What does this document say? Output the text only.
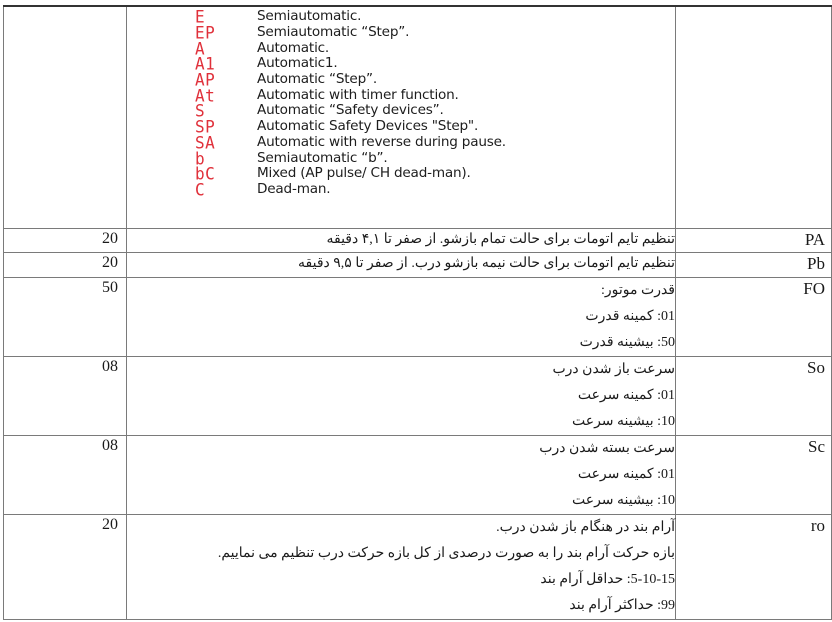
E	Semiautomatic.
EP	Semiautomatic “Step”.
A	Automatic.
A1	Automatic1.
AP	Automatic “Step”.
At	Automatic with timer function.
S	Automatic “Safety devices”.
SP	Automatic Safety Devices "Step".
SA	Automatic with reverse during pause.
b	Semiautomatic “b”.
bC	Mixed (AP pulse/ CH dead-man).
C	Dead-man.

20	تنظیم تایم اتومات برای حالت تمام بازشو. از صفر تا ۴,۱ دقیقه	PA

20	تنظیم تایم اتومات برای حالت نیمه بازشو درب. از صفر تا ۹,۵ دقیقه	Pb

50	قدرت موتور:
01: کمینه قدرت
50: بیشینه قدرت	FO

08	سرعت باز شدن درب
01: کمینه سرعت
10: بیشینه سرعت	So

08	سرعت بسته شدن درب
01: کمینه سرعت
10: بیشینه سرعت	Sc

20	آرام بند در هنگام باز شدن درب.
بازه حرکت آرام بند را به صورت درصدی از کل بازه حرکت درب تنظیم می نماییم.
5-10-15: حداقل آرام بند
99: حداکثر آرام بند	ro
